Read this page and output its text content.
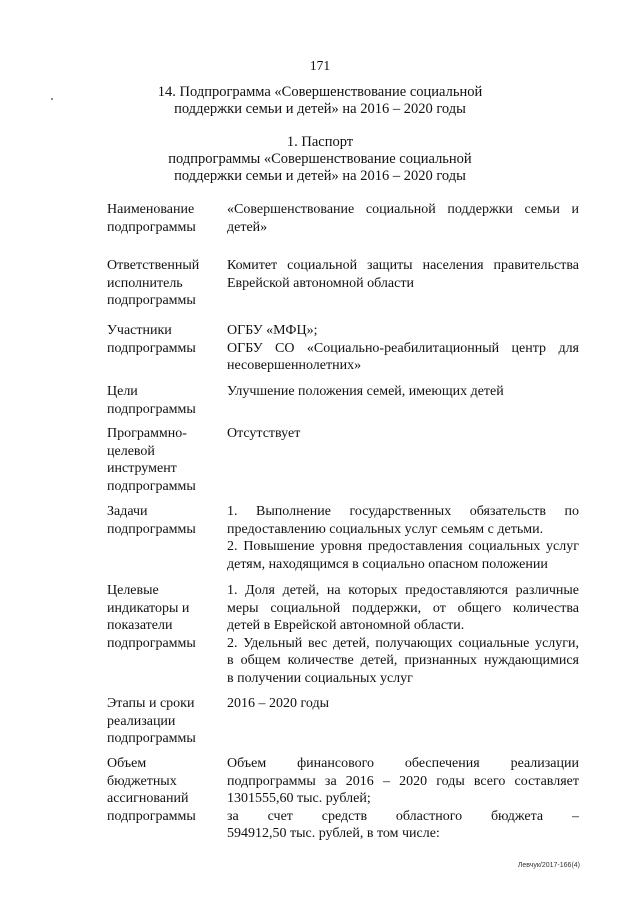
171
14. Подпрограмма «Совершенствование социальной
поддержки семьи и детей» на 2016 – 2020 годы
1. Паспорт
подпрограммы «Совершенствование социальной
поддержки семьи и детей» на 2016 – 2020 годы
Наименование
подпрограммы
«Совершенствование социальной поддержки семьи и
детей»
Ответственный
исполнитель
подпрограммы
Комитет социальной защиты населения правительства
Еврейской автономной области
Участники
подпрограммы
ОГБУ «МФЦ»;
ОГБУ СО «Социально-реабилитационный центр для
несовершеннолетних»
Цели
подпрограммы
Улучшение положения семей, имеющих детей
Программно-
целевой
инструмент
подпрограммы
Отсутствует
Задачи
подпрограммы
1. Выполнение государственных обязательств по
предоставлению социальных услуг семьям с детьми.
2. Повышение уровня предоставления социальных услуг
детям, находящимся в социально опасном положении
Целевые
индикаторы и
показатели
подпрограммы
1. Доля детей, на которых предоставляются различные
меры социальной поддержки, от общего количества
детей в Еврейской автономной области.
2. Удельный вес детей, получающих социальные услуги,
в общем количестве детей, признанных нуждающимися
в получении социальных услуг
Этапы и сроки
реализации
подпрограммы
2016 – 2020 годы
Объем
бюджетных
ассигнований
подпрограммы
Объем финансового обеспечения реализации
подпрограммы за 2016 – 2020 годы всего составляет
1301555,60 тыс. рублей;
за счет средств областного бюджета –
594912,50 тыс. рублей, в том числе:
Левчук/2017-166(4)
